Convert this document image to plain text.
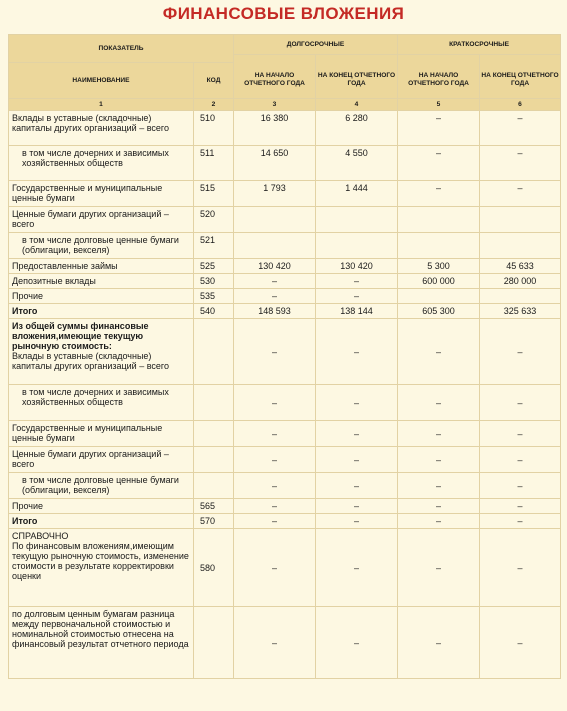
ФИНАНСОВЫЕ ВЛОЖЕНИЯ
ПОКАЗАТЕЛЬ		ДОЛГОСРОЧНЫЕ		КРАТКОСРОЧНЫЕ	

НАИМЕНОВАНИЕ	КОД	НА НАЧАЛО ОТЧЕТНОГО ГОДА	НА КОНЕЦ ОТЧЕТНОГО ГОДА	НА НАЧАЛО ОТЧЕТНОГО ГОДА	НА КОНЕЦ ОТЧЕТНОГО ГОДА
1	2	3	4	5	6
Вклады в уставные (складочные) капиталы других организаций – всего	510	16 380	6 280	–	–
в том числе дочерних и зависимых хозяйственных обществ	511	14 650	4 550	–	–
Государственные и муниципальные ценные бумаги	515	1 793	1 444	–	–
Ценные бумаги других организаций – всего	520				
в том числе долговые ценные бумаги (облигации, векселя)	521				
Предоставленные займы	525	130 420	130 420	5 300	45 633
Депозитные вклады	530	–	–	600 000	280 000
Прочие	535	–	–		
Итого	540	148 593	138 144	605 300	325 633

Из общей суммы финансовые вложения,имеющие текущую рыночную стоимость:
Вклады в уставные (складочные) капиталы других организаций – всего		–	–	–	–
в том числе дочерних и зависимых хозяйственных обществ		–	–	–	–
Государственные и муниципальные ценные бумаги		–	–	–	–
Ценные бумаги других организаций – всего		–	–	–	–
в том числе долговые ценные бумаги (облигации, векселя)		–	–	–	–
Прочие	565	–	–	–	–
Итого	570	–	–	–	–
СПРАВОЧНО
По финансовым вложениям,имеющим текущую рыночную стоимость, изменение стоимости в результате корректировки оценки	580	–	–	–	–
по долговым ценным бумагам разница между первоначальной стоимостью и номинальной стоимостью отнесена на финансовый результат отчетного периода		–	–	–	–
